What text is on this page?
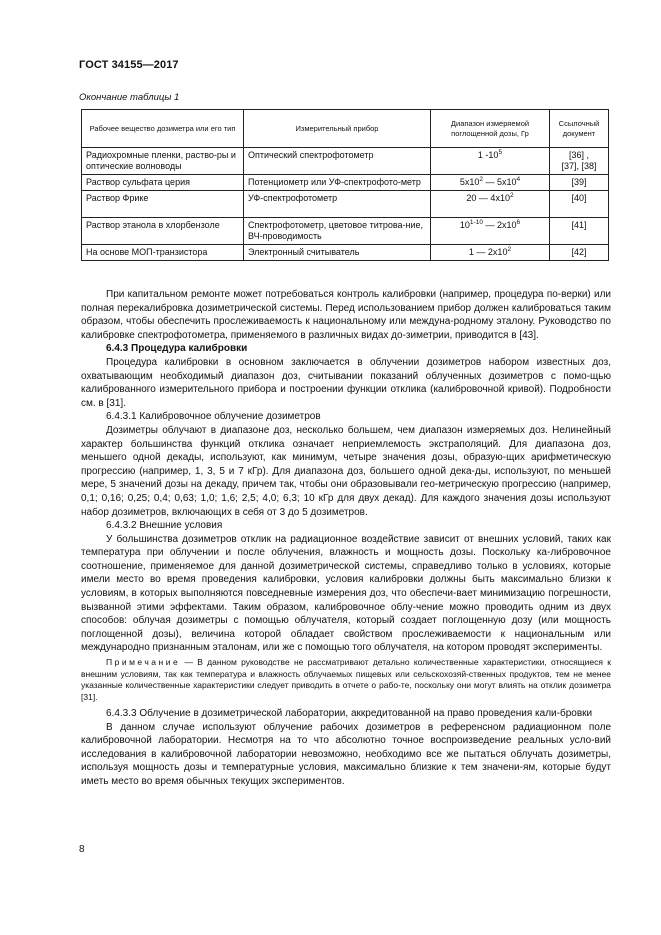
ГОСТ 34155—2017
Окончание таблицы 1
Рабочее вещество дозиметра или его тип	Измерительный прибор	Диапазон измеряемой поглощенной дозы, Гр	Ссылочный документ
Радиохромные пленки, раство-ры и оптические волноводы	Оптический спектрофотометр	1 $-10^5$	[36] ,
[37], [38]
Раствор сульфата церия	Потенциометр или УФ-спектрофото-метр	$5х10^2$ — $5х10^4$	[39]
Раствор Фрике	УФ-спектрофотометр	20 — $4х10^2$	[40]
Раствор этанола в хлорбензоле	Спектрофотометр, цветовое титрова-ние, ВЧ-проводимость	10$^{1-10}$ — $2х10^6$	[41]
На основе МОП-транзистора	Электронный считыватель	1 — $2х10^2$	[42]

При капитальном ремонте может потребоваться контроль калибровки (например, процедура по-верки) или полная перекалибровка дозиметрической системы. Перед использованием прибор должен калиброваться таким образом, чтобы обеспечить прослеживаемость к национальному или междуна-родному эталону. Руководство по калибровке спектрофотометра, применяемого в различных видах до-зиметрии, приводится в [43].

6.4.3 Процедура калибровки

Процедура калибровки в основном заключается в облучении дозиметров набором известных доз, охватывающим необходимый диапазон доз, считывании показаний облученных дозиметров с помо-щью калиброванного измерительного прибора и построении функции отклика (калибровочной кривой). Подробности см. в [31].

6.4.3.1 Калибровочное облучение дозиметров

Дозиметры облучают в диапазоне доз, несколько большем, чем диапазон измеряемых доз. Нелинейный характер большинства функций отклика означает неприемлемость экстраполяций. Для диапазона доз, меньшего одной декады, используют, как минимум, четыре значения дозы, образую-щих арифметическую прогрессию (например, 1, 3, 5 и 7 кГр). Для диапазона доз, большего одной дека-ды, используют, по меньшей мере, 5 значений дозы на декаду, причем так, чтобы они образовывали гео-метрическую прогрессию (например, 0,1; 0,16; 0,25; 0,4; 0,63; 1,0; 1,6; 2,5; 4,0; 6,3; 10 кГр для двух декад). Для каждого значения дозы используют набор дозиметров, включающих в себя от 3 до 5 дозиметров.

6.4.3.2 Внешние условия

У большинства дозиметров отклик на радиационное воздействие зависит от внешних условий, таких как температура при облучении и после облучения, влажность и мощность дозы. Поскольку ка-либровочное соотношение, применяемое для данной дозиметрической системы, справедливо только в условиях, которые имели место во время проведения калибровки, условия калибровки должны быть максимально близки к условиям, в которых выполняются повседневные измерения доз, что обеспечи-вает минимизацию погрешности, вызванной этими эффектами. Таким образом, калибровочное облу-чение можно проводить одним из двух способов: облучая дозиметры с помощью облучателя, который создает поглощенную дозу (или мощность поглощенной дозы), величина которой обладает свойством прослеживаемости к национальным или международно признанным эталонам, или же с помощью того облучателя, на котором проводят эксперименты.

Примечание — В данном руководстве не рассматривают детально количественные характеристики, относящиеся к внешним условиям, так как температура и влажность облучаемых пищевых или сельскохозяй-ственных продуктов, тем не менее указанные количественные характеристики следует приводить в отчете о рабо-те, поскольку они могут влиять на отклик дозиметра [31].

6.4.3.3 Облучение в дозиметрической лаборатории, аккредитованной на право проведения кали-бровки

В данном случае используют облучение рабочих дозиметров в референсном радиационном поле калибровочной лаборатории. Несмотря на то что абсолютно точное воспроизведение реальных усло-вий исследования в калибровочной лаборатории невозможно, необходимо все же пытаться облучать дозиметры, используя мощность дозы и температурные условия, максимально близкие к тем значени-ям, которые будут иметь место во время обычных текущих экспериментов.

8
